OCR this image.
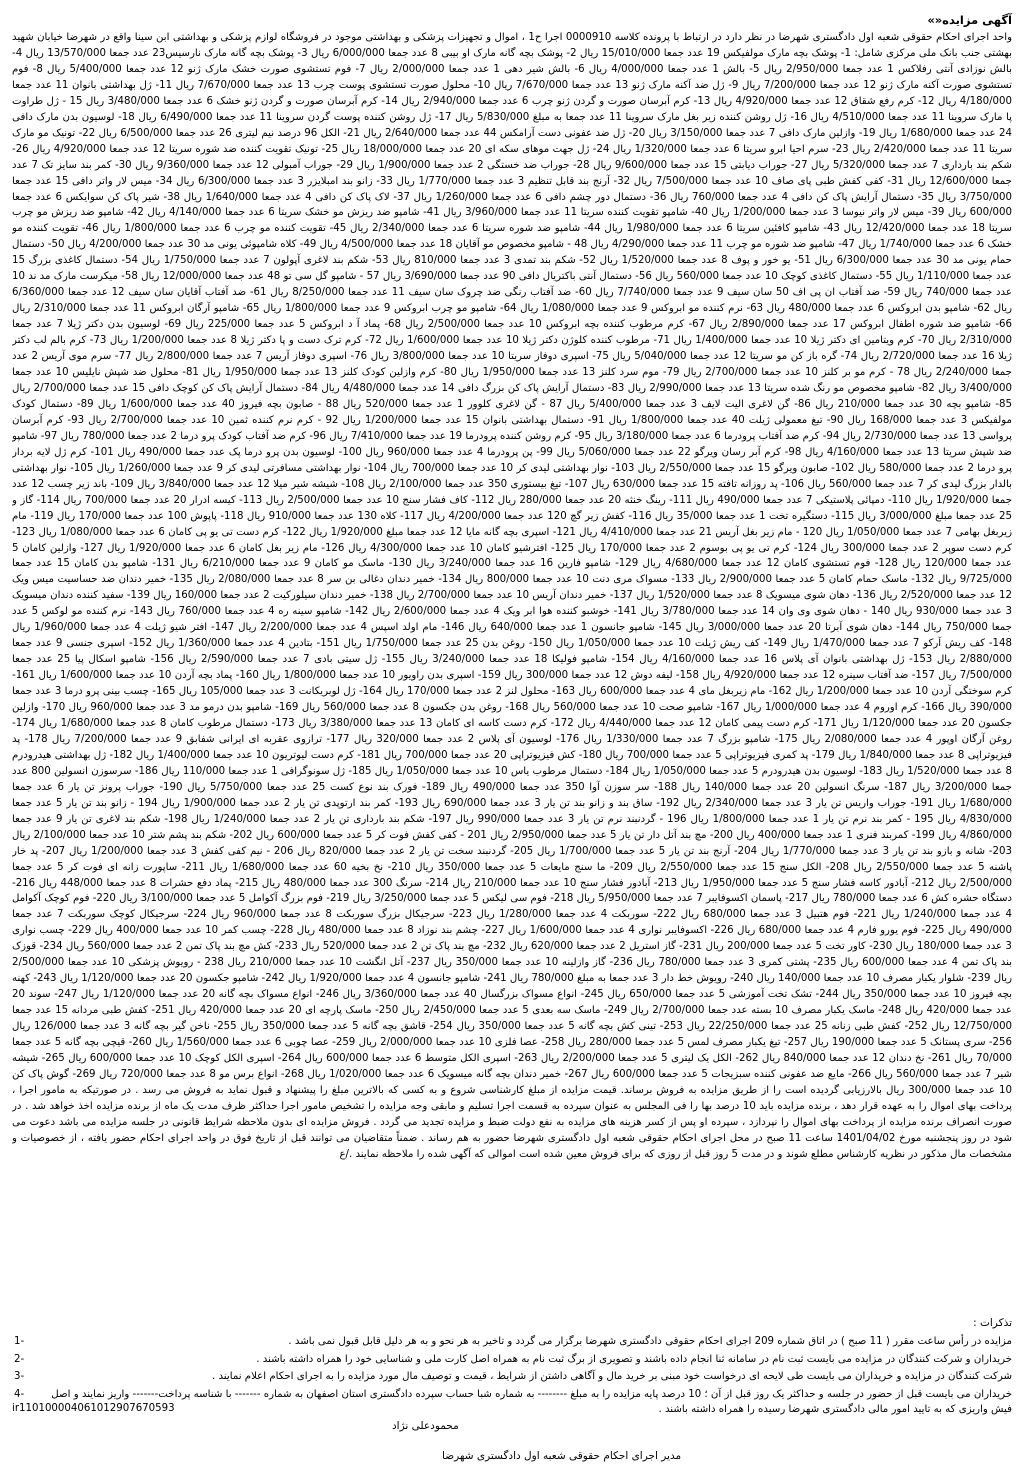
آگهی مزایده«»
واحد اجرای احکام حقوقی شعبه اول دادگستری شهرضا در نظر دارد در ارتباط با پرونده کلاسه 0000910 اجرا ح1 ، اموال و تجهیزات پزشکی و بهداشتی موجود در فروشگاه لوازم پزشکی و بهداشتی ابن سینا واقع در شهرضا خیابان شهید بهشتی جنب بانک ملی مرکزی شامل: 1- پوشک بچه مارک مولفیکس 19 عدد جمعا 15/010/000 ریال 2- پوشک بچه گانه مارک او بیبی 8 عدد جمعا 6/000/000 ریال 3- پوشک بچه گانه مارک نارسیس23 عدد جمعا 13/570/000 ریال 4- بالش نوزادی آنتی رفلاکس 1 عدد جمعا 2/950/000 ریال 5- بالش 1 عدد جمعا 4/000/000 ریال 6- بالش شیر دهی 1 عدد جمعا 2/000/000 ریال 7- فوم تستشوی صورت خشک مارک ژنو 12 عدد جمعا 5/400/000 ریال 8- فوم تستشوی صورت آکنه مارک ژنو 12 عدد جمعا 7/200/000 ریال 9- ژل ضد آکنه مارک ژنو 13 عدد جمعا 7/670/000 ریال 10- محلول صورت تستشوی پوست چرب 13 عدد جمعا 7/670/000 ریال 11- ژل بهداشتی بانوان 11 عدد جمعا 4/180/000 ریال 12- کرم رفع شقاق 12 عدد جمعا 4/920/000 ریال 13- کرم آبرسان صورت و گردن ژنو چرب 6 عدد جمعا 2/940/000 ریال 14- کرم آبرسان صورت و گردن ژنو خشک 6 عدد جمعا 3/480/000 ریال 15 - ژل طراوت پا مارک سروینا 11 عدد جمعا 4/510/000 ریال 16- ژل روشن کننده زیر بغل مارک سروینا 11 عدد جمعا به مبلغ 5/830/000 ریال 17- ژل روشن کننده پوست گردن سروینا 11 عدد جمعا 6/490/000 ریال 18- لوسیون بدن مارک دافی 24 عدد جمعا 1/680/000 ریال 19- وازلین مارک دافی 7 عدد جمعا 3/150/000 ریال 20- ژل ضد عفونی دست آرامکس 44 عدد جمعا 2/640/000 ریال 21- الکل 96 درصد نیم لیتری 26 عدد جمعا 6/500/000 ریال 22- تونیک مو مارک سریتا 11 عدد جمعا 2/420/000 ریال 23- سرم احیا ابرو سریتا 6 عدد جمعا 1/320/000 ریال 24- ژل جهت موهای سکه ای 20 عدد جمعا 18/000/000 ریال 25- تونیک تقویت کننده ضد شوره سریتا 12 عدد جمعا 4/920/000 ریال 26- شکم بند بارداری 7 عدد جمعا 5/320/000 ریال 27- جوراب دیابتی 15 عدد جمعا 9/600/000 ریال 28- جوراب ضد خستگی 2 عدد جمعا 1/900/000 ریال 29- جوراب آمبولی 12 عدد جمعا 9/360/000 ریال 30- کمر بند سایز تک 7 عدد جمعا 12/600/000 ریال 31- کفی کفش طبی پای صاف 10 عدد جمعا 7/500/000 ریال 32- آرنج بند قابل تنظیم 3 عدد جمعا 1/770/000 ریال 33- زانو بند امبلایزر 3 عدد جمعا 6/300/000 ریال 34- میس لار واتر دافی 15 عدد جمعا 3/750/000 ریال 35- دستمال آرایش پاک کن دافی 4 عدد جمعا 760/000 ریال 36- دستمال دور چشم دافی 6 عدد جمعا 1/260/000 ریال 37- لاک پاک کن دافی 4 عدد جمعا 1/640/000 ریال 38- شیر پاک کن سوایکس 6 عدد جمعا 600/000 ریال 39- میس لار واتر نیوسا 3 عدد جمعا 1/200/000 ریال 40- شامپو تقویت کننده سریتا 11 عدد جمعا 3/960/000 ریال 41- شامپو ضد ریزش مو خشک سریتا 6 عدد جمعا 4/140/000 ریال 42- شامپو ضد ریزش مو چرب سریتا 18 عدد جمعا 12/420/000 ریال 43- شامپو کافئین سریتا 6 عدد جمعا 1/980/000 ریال 44- شامپو ضد شوره سریتا 6 عدد جمعا 2/340/000 ریال 45- تقویت کننده مو چرب 6 عدد جمعا 1/800/000 ریال 46- تقویت کننده مو خشک 6 عدد جمعا 1/740/000 ریال 47- شامپو ضد شوره مو چرب 11 عدد جمعا 4/290/000 ریال 48 - شامپو مخصوص مو آقایان 18 عدد جمعا 4/500/000 ریال 49- کلاه شامپوئی یونی مد 30 عدد جمعا 4/200/000 ریال 50- دستمال حمام یونی مد 30 عدد جمعا 6/300/000 ریال 51- یو خور و پوف 8 عدد جمعا 1/520/000 ریال 52- شکم بند تمدی 3 عدد جمعا 810/000 ریال 53- شکم بند لاغری آپولون 7 عدد جمعا 1/750/000 ریال 54- دستمال کاغذی بزرگ 15 عدد جمعا 1/110/000 ریال 55- دستمال کاغذی کوچک 10 عدد جمعا 560/000 ریال 56- دستمال آنتی باکتریال دافی 90 عدد جمعا 3/690/000 ریال 57 - شامپو گل سی تو 48 عدد جمعا 12/000/000 ریال 58- میکرست مارک مد ند 10 عدد جمعا 740/000 ریال 59- ضد آفتاب ان پی اف 50 سان سیف 9 عدد جمعا 7/740/000 ریال 60- ضد آفتاب رنگی ضد چروک سان سیف 11 عدد جمعا 8/250/000 ریال 61- ضد آفتاب آقایان سان سیف 12 عدد جمعا 6/360/000 ریال 62- شامپو بدن ابروکس 6 عدد جمعا 480/000 ریال 63- نرم کننده مو ابروکس 9 عدد جمعا 1/080/000 ریال 64- شامپو مو چرب ابروکس 9 عدد جمعا 1/800/000 ریال 65- شامپو آرگان ابروکس 11 عدد جمعا 2/310/000 ریال 66- شامپو ضد شوره اطفال ابروکس 17 عدد جمعا 2/890/000 ریال 67- کرم مرطوب کننده بچه ابروکس 10 عدد جمعا 2/500/000 ریال 68- پماد آ د ابروکس 5 عدد جمعا 225/000 ریال 69- لوسیون بدن دکتر ژیلا 7 عدد جمعا 2/310/000 ریال 70- کرم ویتامین ای دکتر ژیلا 10 عدد جمعا 1/400/000 ریال 71- مرطوب کننده کلوژن دکتر ژیلا 10 عدد جمعا 1/600/000 ریال 72- کرم ترک دست و پا دکتر ژیلا 8 عدد جمعا 1/200/000 ریال 73- کرم بالم لب دکتر ژیلا 16 عدد جمعا 2/720/000 ریال 74- گره باز کن مو سریتا 12 عدد جمعا 5/040/000 ریال 75- اسپری دوفاز سریتا 10 عدد جمعا 3/800/000 ریال 76- اسپری دوفاز آریس 7 عدد جمعا 2/800/000 ریال 77- سرم موی آریس 2 عدد جمعا 2/240/000 ریال 78 - کرم مو بر کلنز 10 عدد جمعا 2/700/000 ریال 79- موم سرد کلنز 13 عدد جمعا 1/950/000 ریال 80- کرم وازلین کودک کلنز 13 عدد جمعا 1/950/000 ریال 81- محلول ضد شپش نایلیس 10 عدد جمعا 3/400/000 ریال 82- شامپو مخصوص مو رنگ شده سریتا 13 عدد جمعا 2/990/000 ریال 83- دستمال آرایش پاک کن بزرگ دافی 14 عدد جمعا 4/480/000 ریال 84- دستمال آرایش پاک کن کوچک دافی 15 عدد جمعا 2/700/000 ریال 85- شامپو بچه 30 عدد جمعا 210/000 ریال 86- گن لاغری الیت لایف 3 عدد جمعا 5/400/000 ریال 87 - گن لاغری کلوور 1 عدد جمعا 520/000 ریال 88 - صابون بچه فیروز 40 عدد جمعا 1/600/000 ریال 89- دستمال کودک مولفیکس 3 عدد جمعا 168/000 ریال 90- تیغ معمولی ژیلت 40 عدد جمعا 1/800/000 ریال 91- دستمال بهداشتی بانوان 15 عدد جمعا 1/200/000 ریال 92 - کرم نرم کننده ثمین 10 عدد جمعا 2/700/000 ریال 93- کرم آبرسان پرواسی 13 عدد جمعا 2/730/000 ریال 94- کرم ضد آفتاب پرودرما 6 عدد جمعا 3/180/000 ریال 95- کرم روشن کننده پرودرما 19 عدد جمعا 7/410/000 ریال 96- کرم ضد آفتاب کودک پرو درما 2 عدد جمعا 780/000 ریال 97- شامپو ضد شپش سریتا 13 عدد جمعا 4/160/000 ریال 98- کرم آبر رسان ویرگو 22 عدد جمعا 5/060/000 ریال 99- پن پرودرما 4 عدد جمعا 960/000 ریال 100- لوسیون بدن پرو درما پک عدد جمعا 490/000 ریال 101- کرم ژل لایه بردار پرو درما 2 عدد جمعا 580/000 ریال 102- صابون ویرگو 15 عدد جمعا 2/550/000 ریال 103- نوار بهداشتی لیدی کر 10 عدد جمعا 700/000 ریال 104- نوار بهداشتی مسافرتی لیدی کر 9 عدد جمعا 1/260/000 ریال 105- نوار بهداشتی بالدار بزرگ لیدی کر 7 عدد جمعا 560/000 ریال 106- پد روزانه تافته 15 عدد جمعا 630/000 ریال 107- تیغ بیستوری 350 عدد جمعا 2/100/000 ریال 108- شیشه شیر میلا 12 عدد جمعا 3/840/000 ریال 109- باند زیر چسب 12 عدد جمعا 1/920/000 ریال 110- دمپائی پلاستیکی 7 عدد جمعا 490/000 ریال 111- رینگ خنثه 20 عدد جمعا 280/000 ریال 112- کاف فشار سنج 10 عدد جمعا 2/500/000 ریال 113- کیسه ادرار 20 عدد جمعا 700/000 ریال 114- گاز و 25 عدد جمعا مبلغ 3/000/000 ریال 115- دستگیره تخت 1 عدد جمعا 35/000 ریال 116- کفش زیر گچ 120 عدد جمعا 4/200/000 ریال 117- کلاه 130 عدد جمعا 910/000 ریال 118- پاپوش 100 عدد جمعا 170/000 ریال 119- مام زیربغل بهامی 7 عدد جمعا 1/050/000 ریال 120 - مام زیر بغل آریس 21 عدد جمعا 4/410/000 ریال 121- اسپری بچه گانه مایا 12 عدد جمعا مبلغ 1/920/000 ریال 122- کرم دست تی یو پی کامان 6 عدد جمعا 1/080/000 ریال 123- کرم دست سوپر 2 عدد جمعا 300/000 ریال 124- کرم تی یو پی بوسوم 2 عدد جمعا 170/000 ریال 125- افترشیو کامان 10 عدد جمعا 4/300/000 ریال 126- مام زیر بغل کامان 6 عدد جمعا 1/920/000 ریال 127- وازلین کامان 5 عدد جمعا 120/000 ریال 128- فوم تستشوی کامان 12 عدد جمعا 4/680/000 ریال 129- شامپو فارین 16 عدد جمعا 3/240/000 ریال 130- ماسک مو کامان 9 عدد جمعا 6/210/000 ریال 131- شامپو بدن کامان 15 عدد جمعا 9/725/000 ریال 132- ماسک حمام کامان 5 عدد جمعا 2/900/000 ریال 133- مسواک مری دنت 10 عدد جمعا 800/000 ریال 134- خمیر دندان دغالی بن سر 8 عدد جمعا 2/080/000 ریال 135- خمیر دندان ضد حساسیت میس ویک 12 عدد جمعا 2/520/000 ریال 136- دهان شوی میسویک 8 عدد جمعا 1/520/000 ریال 137- خمیر دندان آریس 10 عدد جمعا 2/700/000 ریال 138- خمیر دندان سیلورکیت 2 عدد جمعا 160/000 ریال 139- سفید کننده دندان میسویک 3 عدد جمعا 930/000 ریال 140 - دهان شوی وی وان 14 عدد جمعا 3/780/000 ریال 141- خوشبو کننده هوا ابر ویک 4 عدد جمعا 2/600/000 ریال 142- شامپو سینه ره 4 عدد جمعا 760/000 ریال 143- نرم کننده مو لوکس 5 عدد جمعا 750/000 ریال 144- دهان شوی آبرتا 20 عدد جمعا 3/000/000 ریال 145- شامپو جانسون 1 عدد جمعا 640/000 ریال 146- مام اولد اسپس 4 عدد جمعا 2/200/000 ریال 147- افتر شیو ژیلت 4 عدد جمعا 1/960/000 ریال 148- کف ریش آرکو 7 عدد جمعا 1/470/000 ریال 149- کف ریش ژیلت 10 عدد جمعا 1/050/000 ریال 150- روغن بدن 25 عدد جمعا 1/750/000 ریال 151- بتادین 4 عدد جمعا 1/360/000 ریال 152- اسپری جنسی 9 عدد جمعا 2/880/000 ریال 153- ژل بهداشتی بانوان آی پلاس 16 عدد جمعا 4/160/000 ریال 154- شامپو فولیکا 18 عدد جمعا 3/240/000 ریال 155- ژل سیتی بادی 7 عدد جمعا 2/590/000 ریال 156- شامپو اسکال پیا 25 عدد جمعا 7/500/000 ریال 157- ضد آفتاب سینره 12 عدد جمعا 4/920/000 ریال 158- لیفه دوش 12 عدد جمعا 300/000 ریال 159- اسپری بدن راویور 10 عدد جمعا 1/800/000 ریال 160- پماد بچه آردن 10 عدد جمعا 1/600/000 ریال 161- کرم سوختگی آردن 10 عدد جمعا 1/200/000 ریال 162- مام زیربغل مای 4 عدد جمعا 600/000 ریال 163- محلول لنز 2 عدد جمعا 170/000 ریال 164- ژل لوبریکانت 3 عدد جمعا 105/000 ریال 165- چسب بینی پرو درما 3 عدد جمعا 390/000 ریال 166- کرم اوروم 4 عدد جمعا 1/000/000 ریال 167- شامپو صحت 10 عدد جمعا 560/000 ریال 168- روغن بدن جکسون 8 عدد جمعا 560/000 ریال 169- شامپو بدن درمو مد 3 عدد جمعا 960/000 ریال 170- وازلین جکسون 20 عدد جمعا 1/120/000 ریال 171- کرم دست پیمی کامان 12 عدد جمعا 4/440/000 ریال 172- کرم دست کاسه ای کامان 13 عدد جمعا 3/380/000 ریال 173- دستمال مرطوب کامان 8 عدد جمعا 1/680/000 ریال 174- روغن آرگان اوپور 4 عدد جمعا 2/080/000 ریال 175- شامپو بزرگ 7 عدد جمعا 1/330/000 ریال 176- لوسیون آی پلاس 2 عدد جمعا 320/000 ریال 177- ترازوی عقربه ای ایرانی شفابق 9 عدد جمعا 7/200/000 ریال 178- پد فیزیوتراپی 8 عدد جمعا 1/840/000 ریال 179- پد کمری فیزیوتراپی 5 عدد جمعا 700/000 ریال 180- کش فیزیوتراپی 20 عدد جمعا 700/000 ریال 181- کرم دست لیوتریون 10 عدد جمعا 1/400/000 ریال 182- ژل بهداشتی هیدرودرم 8 عدد جمعا 1/520/000 ریال 183- لوسیون بدن هیدرودرم 5 عدد جمعا 1/050/000 ریال 184- دستمال مرطوب یاس 10 عدد جمعا 1/050/000 ریال 185- ژل سونوگرافی 1 عدد جمعا 110/000 ریال 186- سرسوزن انسولین 800 عدد جمعا 3/200/000 ریال 187- سرنگ انسولین 20 عدد جمعا 140/000 ریال 188- سر سوزن آوا 350 عدد جمعا 490/000 ریال 189- فورک بند نوع کست 25 عدد جمعا 5/750/000 ریال 190- جوراب پرونز تن یار 6 عدد جمعا 1/680/000 ریال 191- جوراب واریس تن یار 3 عدد جمعا 2/340/000 ریال 192- ساق بند و زانو بند تن یار 3 عدد جمعا 690/000 ریال 193- کمر بند ارتوپدی تن یار 2 عدد جمعا 1/900/000 ریال 194 - زانو بند تن یار 5 عدد جمعا 4/830/000 ریال 195 - کمر بند نرم تن یار 1 عدد جمعا 1/800/000 ریال 196 - گردنبند نرم تن یار 3 عدد جمعا 990/000 ریال 197- شکم بند بارداری تن یار 2 عدد جمعا 1/240/000 ریال 198- شکم بند لاغری تن یار 9 عدد جمعا 4/860/000 ریال 199- کمربند فنری 1 عدد جمعا 400/000 ریال 200- مچ بند آتل دار تن یار 5 عدد جمعا 2/950/000 ریال 201 - کفی کفش فوت کر 5 عدد جمعا 600/000 ریال 202- شکم بند پشم شتر 10 عدد جمعا 2/100/000 ریال 203- شانه و بازو بند تن یار 3 عدد جمعا 1/770/000 ریال 204- آرنج بند تن یار 5 عدد جمعا 1/700/000 ریال 205- گردنبند سخت تن یار 2 عدد جمعا 820/000 ریال 206 - نیم کفی کفش 3 عدد جمعا 1/200/000 ریال 207- پد خار پاشنه 5 عدد جمعا 2/550/000 ریال 208- الکل سنج 15 عدد جمعا 2/550/000 ریال 209- ما سنج مایعات 5 عدد جمعا 350/000 ریال 210- نخ بخیه 60 عدد جمعا 1/680/000 ریال 211- ساپورت زانه ای فوت کر 5 عدد جمعا 2/500/000 ریال 212- آبادور کاسه فشار سنج 5 عدد جمعا 1/950/000 ریال 213- آبادور فشار سنج 10 عدد جمعا 210/000 ریال 214- سرنگ 300 عدد جمعا 480/000 ریال 215- پماد دفع حشرات 8 عدد جمعا 448/000 ریال 216- دستگاه حشره کش 6 عدد جمعا 780/000 ریال 217- پاسمان اکسوفایبر 7 عدد جمعا 5/950/000 ریال 218- فوم سی لیکس 5 عدد جمعا 3/250/000 ریال 219- فوم بزرگ آکوامل 5 عدد جمعا 3/100/000 ریال 220- فوم کوچک آکوامل 4 عدد جمعا 1/240/000 ریال 221- فوم هتبیل 3 عدد جمعا 680/000 ریال 222- سوربکت 4 عدد جمعا 1/280/000 ریال 223- سرجیکال بزرگ سوربکت 8 عدد جمعا 960/000 ریال 224- سرجیکال کوچک سوربکت 7 عدد جمعا 490/000 ریال 225- فوم یورو فارم 4 عدد جمعا 680/000 ریال 226- اکسوفایبر نواری 4 عدد جمعا 1/600/000 ریال 227- چشم بند نوزاد 8 عدد جمعا 480/000 ریال 228- چسب کمر 10 عدد جمعا 400/000 ریال 229- چسب نواری 3 عدد جمعا 180/000 ریال 230- کاور تخت 5 عدد جمعا 200/000 ریال 231- گاز استریل 2 عدد جمعا 620/000 ریال 232- مچ بند پاک تن 2 عدد جمعا 520/000 ریال 233- کش مچ بند پاک تمن 2 عدد جمعا 560/000 ریال 234- قوزک بند پاک تمن 4 عدد جمعا 600/000 ریال 235- پشتی کمری 3 عدد جمعا 780/000 ریال 236- گاز وازلینه 10 عدد جمعا 350/000 ریال 237- آتل انگشت 10 عدد جمعا 210/000 ریال 238 - رویوش پزشکی 10 عدد جمعا 2/500/000 ریال 239- شلوار یکبار مصرف 10 عدد جمعا 140/000 ریال 240- رویوش خط دار 3 عدد جمعا به مبلغ 780/000 ریال 241- شامپو جانسون 4 عدد جمعا 1/920/000 ریال 242- شامپو جکسون 20 عدد جمعا 1/120/000 ریال 243- کهنه بچه فیروز 10 عدد جمعا 350/000 ریال 244- تشک تخت آموزشی 5 عدد جمعا 650/000 ریال 245- انواع مسواک بزرگسال 40 عدد جمعا 3/360/000 ریال 246- انواع مسواک بچه گانه 20 عدد جمعا 1/120/000 ریال 247- سوند 20 عدد جمعا 420/000 ریال 248- ماسک یکبار مصرف 10 بسته عدد جمعا 2/700/000 ریال 249- ماسک سه بعدی 5 عدد جمعا 2/450/000 ریال 250- ماسک پارچه ای 20 عدد جمعا 420/000 ریال 251- کفش طبی مردانه 15 عدد جمعا 12/750/000 ریال 252- کفش طبی زنانه 25 عدد جمعا 22/250/000 ریال 253- تینی کش بچه گانه 5 عدد جمعا 350/000 ریال 254- قاشق بچه گانه 5 عدد جمعا 350/000 ریال 255- ناخن گیر بچه گانه 3 عدد جمعا 126/000 ریال 256- سری پستانک 5 عدد جمعا 190/000 ریال 257- تیغ یکبار مصرف لمس 5 عدد جمعا 280/000 ریال 258- عصا فلزی 10 عدد جمعا 2/000/000 ریال 259- عصا چوبی 6 عدد جمعا 1/560/000 ریال 260- قیچی بچه گانه 5 عدد جمعا 70/000 ریال 261- نخ دندان 12 عدد جمعا 840/000 ریال 262- الکل یک لیتری 5 عدد جمعا 2/200/000 ریال 263- اسپری الکل متوسط 6 عدد جمعا 600/000 ریال 264- اسپری الکل کوچک 10 عدد جمعا 600/000 ریال 265- شیشه شیر 7 عدد جمعا 560/000 ریال 266- مایع ضد عفونی کننده سبزیجات 5 عدد جمعا 600/000 ریال 267- خمیر دندان بچه گانه میسویک 6 عدد جمعا 1/020/000 ریال 268- انواع برس مو 8 عدد جمعا 720/000 ریال 269- گوش پاک کن 10 عدد جمعا 300/000 ریال بالارزیابی گردیده است را از طریق مزایده به فروش برساند. قیمت مزایده از مبلغ کارشناسی شروع و به کسی که بالاترین مبلغ را پیشنهاد و قبول نماید به فروش می رسد . در صورتیکه به مامور اجرا ، پرداخت بهای اموال را به عهده قرار دهد ، برنده مزایده باید 10 درصد بها را فی المجلس به عنوان سپرده به قسمت اجرا تسلیم و مابقی وجه مزایده را تشخیص مامور اجرا حداکثر ظرف مدت یک ماه از برنده مزایده اخذ خواهد شد . در صورت انصراف برنده مزایده از پرداخت بهای اموال را نپردازد ، سپرده او پس از کسر هزینه های مزایده به نفع دولت ضبط و مزایده تجدید می گردد . فروش مزایده ای بدون ملاحظه شرایط قانونی در جلسه مزایده می باشد دعوت می شود در روز پنجشنبه مورخ 1401/04/02 ساعت 11 صبح در محل اجرای احکام حقوقی شعبه اول دادگستری شهرضا حضور به هم رساند . ضمناً متقاضیان می توانند قبل از تاریخ فوق در واحد اجرای احکام حضور یافته ، از خصوصیات و مشخصات مال مذکور در نظریه کارشناس مطلع شوند و در مدت 5 روز قبل از روزی که برای فروش معین شده است اموالی که آگهی شده را ملاحظه نمایند ./ع
تذکرات :
مزایده در رأس ساعت مقرر ( 11 صبح ) در اتاق شماره 209 اجرای احکام حقوقی دادگستری شهرضا برگزار می گردد و تاخیر به هر نحو و به هر دلیل قابل قبول نمی باشد .
1-
خریداران و شرکت کنندگان در مزایده می بایست ثبت نام در سامانه ثنا انجام داده باشند و تصویری از برگ ثبت نام به همراه اصل کارت ملی و شناسایی خود را همراه داشته باشند .
2-
شرکت کنندگان در مزایده و خریداران می بایست طی لایحه ای درخواست خود مبنی بر خرید مال و آگاهی داشتن از شرایط ، قیمت و توصیف مال مورد مزایده را به اجرای احکام اعلام نمایند .
3-
خریداران می بایست قبل از حضور در جلسه و حداکثر یک روز قبل از آن ؛ 10 درصد پایه مزایده را به مبلغ -------- به شماره شبا حساب سپرده دادگستری استان اصفهان به شماره ------- با شناسه پرداخت------- واریز نمایند و اصل فیش واریزی که به تایید امور مالی دادگستری شهرضا رسیده را همراه داشته باشند .
4-
ir110100004061012907670593
محمودعلی نژاد
مدیر اجرای احکام حقوقی شعبه اول دادگستری شهرضا
